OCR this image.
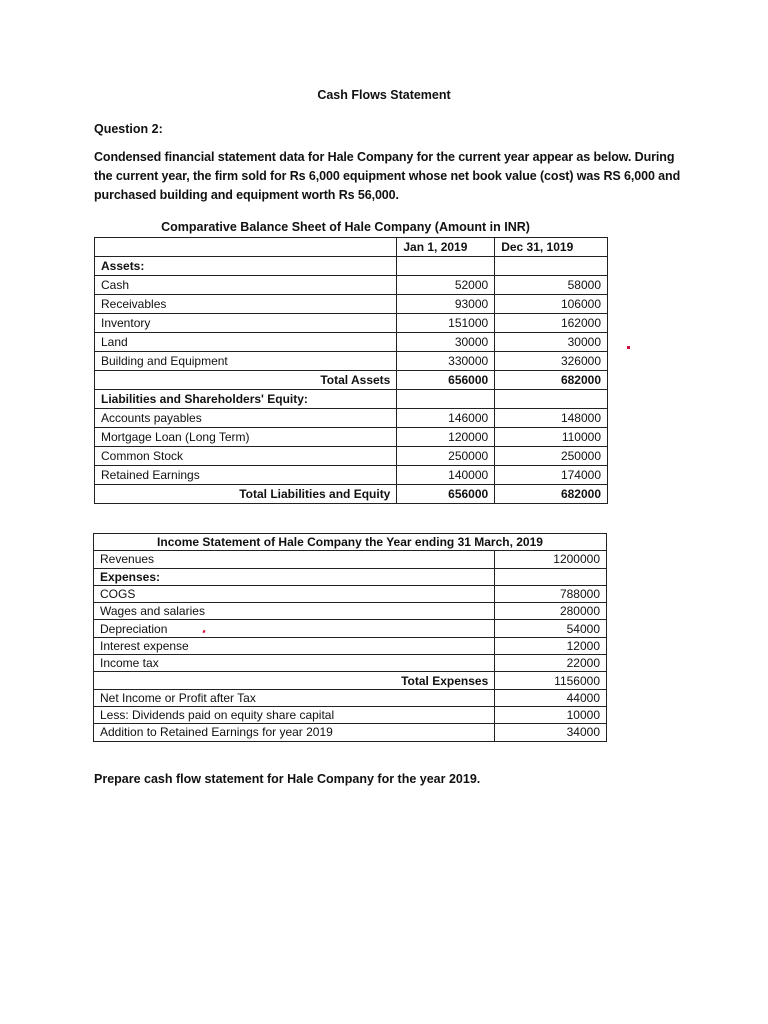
Cash Flows Statement
Question 2:
Condensed financial statement data for Hale Company for the current year appear as below. During the current year, the firm sold for Rs 6,000 equipment whose net book value (cost) was RS 6,000 and purchased building and equipment worth Rs 56,000.
Comparative Balance Sheet of Hale Company (Amount in INR)
	Jan 1, 2019	Dec 31, 1019
Assets:		
Cash	52000	58000
Receivables	93000	106000
Inventory	151000	162000
Land	30000	30000
Building and Equipment	330000	326000
Total Assets	656000	682000
Liabilities and Shareholders' Equity:		
Accounts payables	146000	148000
Mortgage Loan (Long Term)	120000	110000
Common Stock	250000	250000
Retained Earnings	140000	174000
Total Liabilities and Equity	656000	682000
Income Statement of Hale Company the Year ending 31 March, 2019	
Revenues	1200000
Expenses:	
COGS	788000
Wages and salaries	280000
Depreciation	54000
Interest expense	12000
Income tax	22000
Total Expenses	1156000
Net Income or Profit after Tax	44000
Less: Dividends paid on equity share capital	10000
Addition to Retained Earnings for year 2019	34000
Prepare cash flow statement for Hale Company for the year 2019.
